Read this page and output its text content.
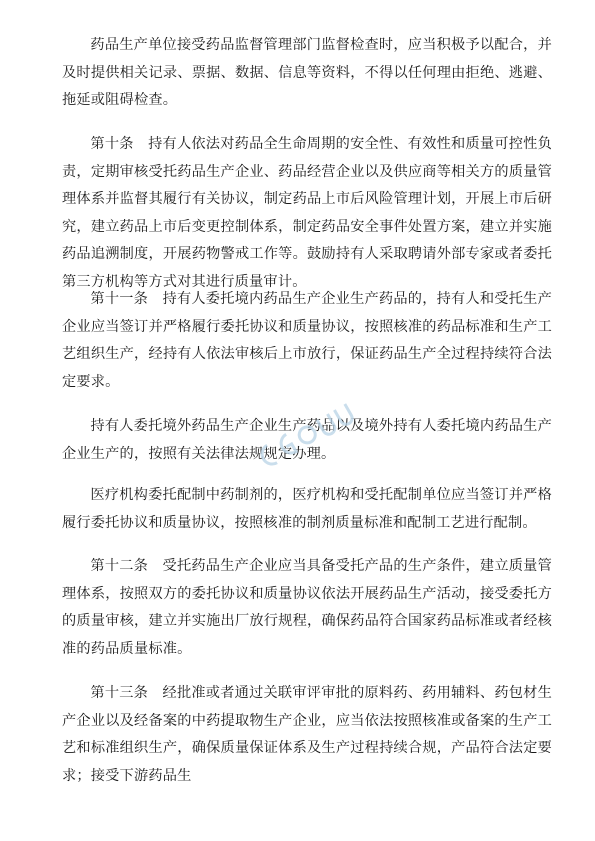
药品生产单位接受药品监督管理部门监督检查时，应当积极予以配合，并及时提供相关记录、票据、数据、信息等资料，不得以任何理由拒绝、逃避、拖延或阻碍检查。

第十条　持有人依法对药品全生命周期的安全性、有效性和质量可控性负责，定期审核受托药品生产企业、药品经营企业以及供应商等相关方的质量管理体系并监督其履行有关协议，制定药品上市后风险管理计划，开展上市后研究，建立药品上市后变更控制体系，制定药品安全事件处置方案，建立并实施药品追溯制度，开展药物警戒工作等。鼓励持有人采取聘请外部专家或者委托第三方机构等方式对其进行质量审计。

第十一条　持有人委托境内药品生产企业生产药品的，持有人和受托生产企业应当签订并严格履行委托协议和质量协议，按照核准的药品标准和生产工艺组织生产，经持有人依法审核后上市放行，保证药品生产全过程持续符合法定要求。

持有人委托境外药品生产企业生产药品以及境外持有人委托境内药品生产企业生产的，按照有关法律法规规定办理。

医疗机构委托配制中药制剂的，医疗机构和受托配制单位应当签订并严格履行委托协议和质量协议，按照核准的制剂质量标准和配制工艺进行配制。

第十二条　受托药品生产企业应当具备受托产品的生产条件，建立质量管理体系，按照双方的委托协议和质量协议依法开展药品生产活动，接受委托方的质量审核，建立并实施出厂放行规程，确保药品符合国家药品标准或者经核准的药品质量标准。

第十三条　经批准或者通过关联审评审批的原料药、药用辅料、药包材生产企业以及经备案的中药提取物生产企业，应当依法按照核准或备案的生产工艺和标准组织生产，确保质量保证体系及生产过程持续合规，产品符合法定要求；接受下游药品生
